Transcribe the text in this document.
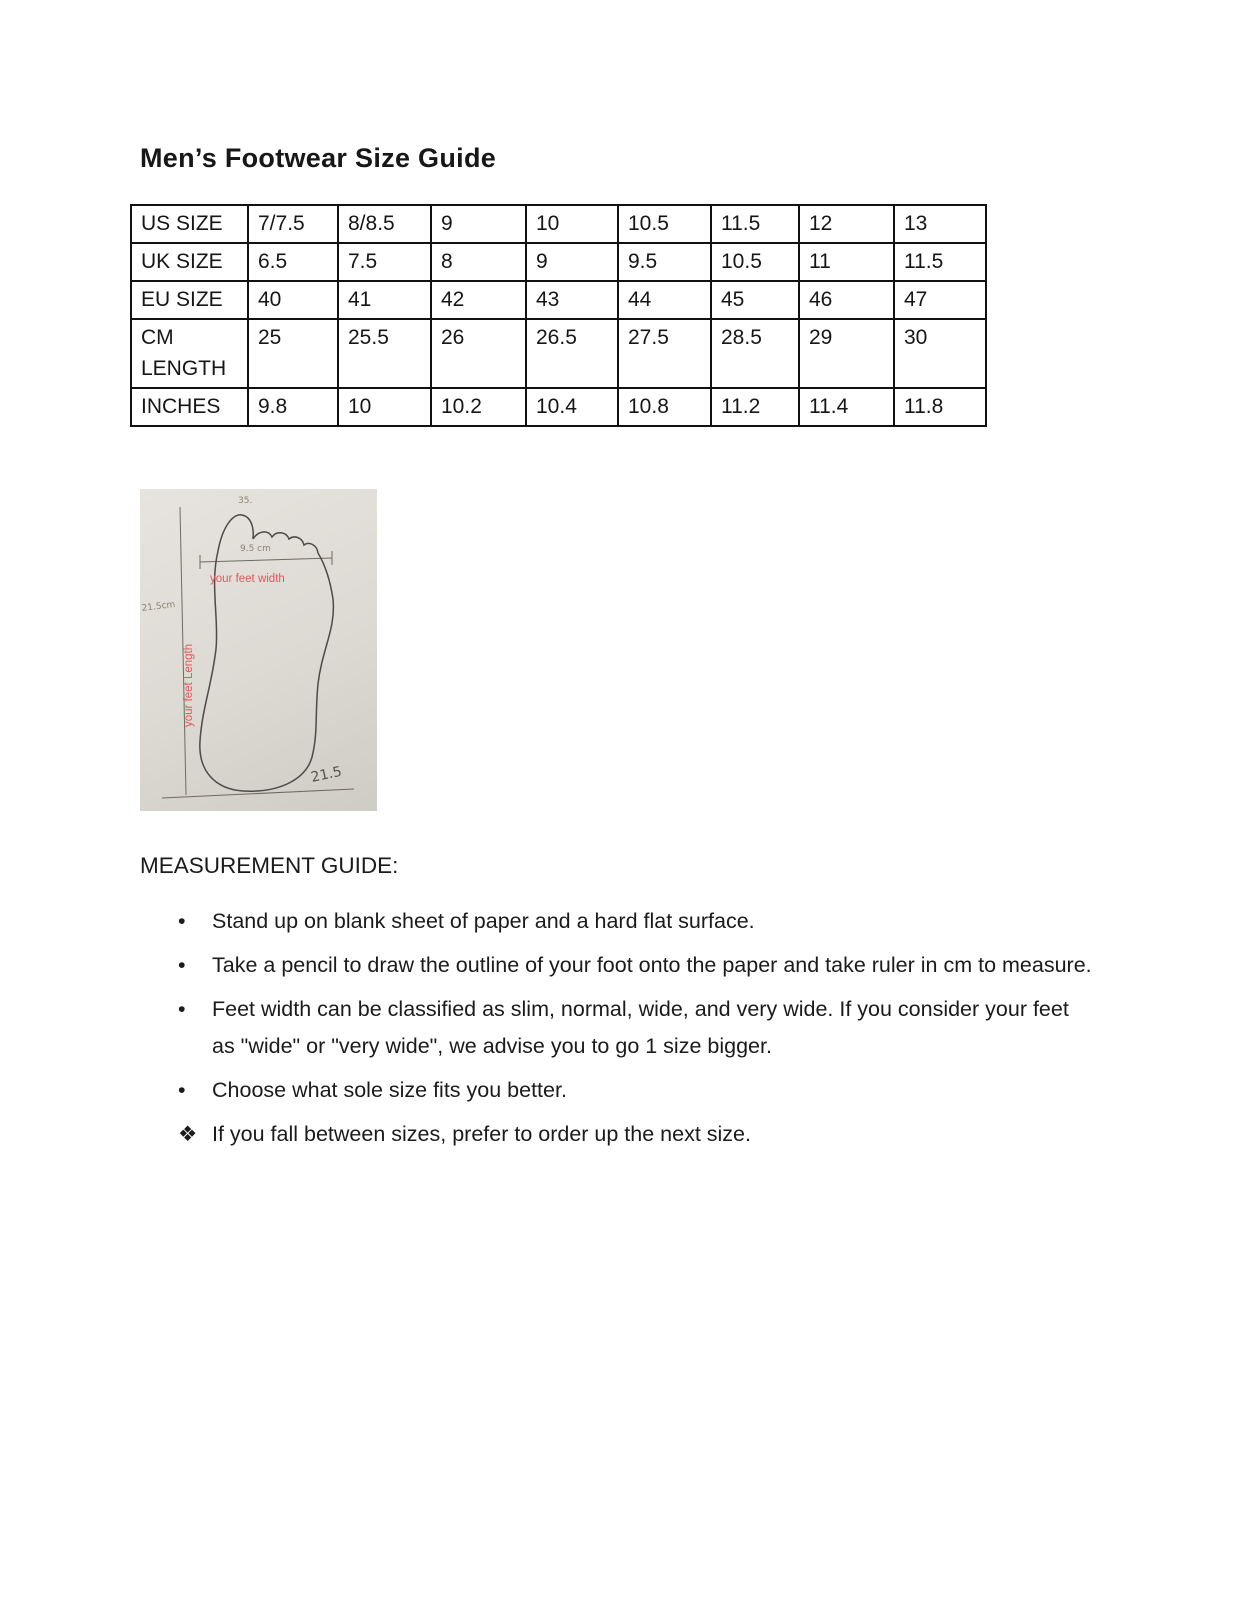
Men’s Footwear Size Guide
US SIZE	7/7.5	8/8.5	9	10	10.5	11.5	12	13
UK SIZE	6.5	7.5	8	9	9.5	10.5	11	11.5
EU SIZE	40	41	42	43	44	45	46	47
CM LENGTH	25	25.5	26	26.5	27.5	28.5	29	30
INCHES	9.8	10	10.2	10.4	10.8	11.2	11.4	11.8
35.
9.5 cm
your feet width
your feet Length
21.5cm
21.5
MEASUREMENT GUIDE:
•	Stand up on blank sheet of paper and a hard flat surface.
•	Take a pencil to draw the outline of your foot onto the paper and take ruler in cm to measure.
•	Feet width can be classified as slim, normal, wide, and very wide. If you consider your feet as "wide" or "very wide", we advise you to go 1 size bigger.
•	Choose what sole size fits you better.
❖ If you fall between sizes, prefer to order up the next size.
